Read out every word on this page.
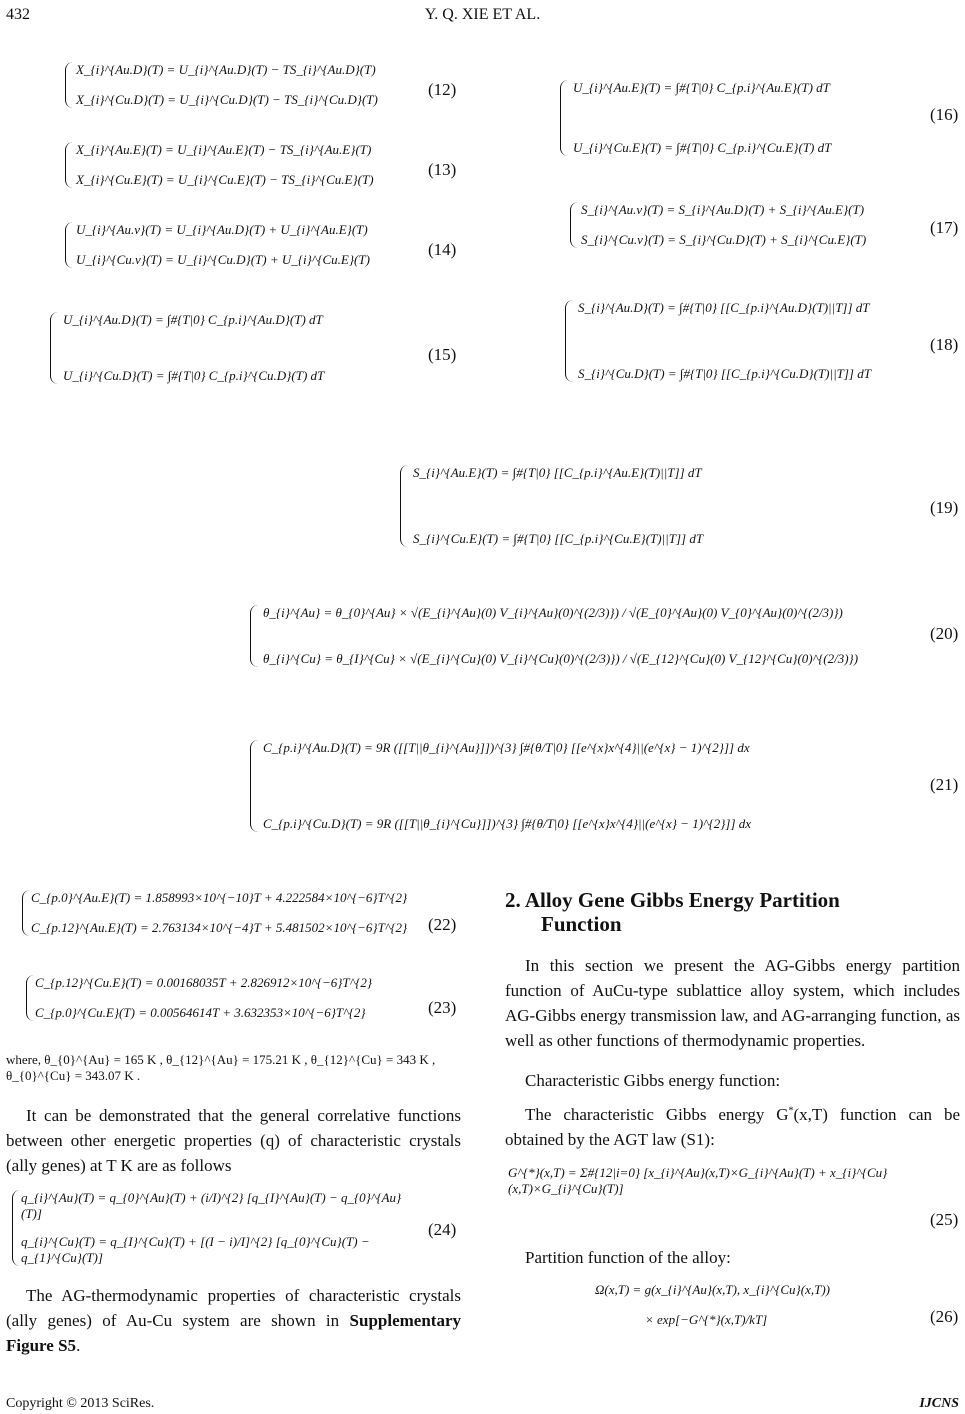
432	Y. Q. XIE ET AL.
X_{i}^{Au.D}(T) = U_{i}^{Au.D}(T) − TS_{i}^{Au.D}(T)
X_{i}^{Cu.D}(T) = U_{i}^{Cu.D}(T) − TS_{i}^{Cu.D}(T)
(12)
X_{i}^{Au.E}(T) = U_{i}^{Au.E}(T) − TS_{i}^{Au.E}(T)
X_{i}^{Cu.E}(T) = U_{i}^{Cu.E}(T) − TS_{i}^{Cu.E}(T)
(13)
U_{i}^{Au.v}(T) = U_{i}^{Au.D}(T) + U_{i}^{Au.E}(T)
U_{i}^{Cu.v}(T) = U_{i}^{Cu.D}(T) + U_{i}^{Cu.E}(T)
(14)
U_{i}^{Au.D}(T) = ∫#{T|0} C_{p.i}^{Au.D}(T) dT
U_{i}^{Cu.D}(T) = ∫#{T|0} C_{p.i}^{Cu.D}(T) dT
(15)
U_{i}^{Au.E}(T) = ∫#{T|0} C_{p.i}^{Au.E}(T) dT
U_{i}^{Cu.E}(T) = ∫#{T|0} C_{p.i}^{Cu.E}(T) dT
(16)
S_{i}^{Au.v}(T) = S_{i}^{Au.D}(T) + S_{i}^{Au.E}(T)
S_{i}^{Cu.v}(T) = S_{i}^{Cu.D}(T) + S_{i}^{Cu.E}(T)
(17)
S_{i}^{Au.D}(T) = ∫#{T|0} [[C_{p.i}^{Au.D}(T)||T]] dT
S_{i}^{Cu.D}(T) = ∫#{T|0} [[C_{p.i}^{Cu.D}(T)||T]] dT
(18)
S_{i}^{Au.E}(T) = ∫#{T|0} [[C_{p.i}^{Au.E}(T)||T]] dT
S_{i}^{Cu.E}(T) = ∫#{T|0} [[C_{p.i}^{Cu.E}(T)||T]] dT
(19)
θ_{i}^{Au} = θ_{0}^{Au} × √(E_{i}^{Au}(0) V_{i}^{Au}(0)^{(2/3)}) / √(E_{0}^{Au}(0) V_{0}^{Au}(0)^{(2/3)})
θ_{i}^{Cu} = θ_{I}^{Cu} × √(E_{i}^{Cu}(0) V_{i}^{Cu}(0)^{(2/3)}) / √(E_{12}^{Cu}(0) V_{12}^{Cu}(0)^{(2/3)})
(20)
C_{p.i}^{Au.D}(T) = 9R ([[T||θ_{i}^{Au}]])^{3} ∫#{θ/T|0} [[e^{x}x^{4}||(e^{x} − 1)^{2}]] dx
C_{p.i}^{Cu.D}(T) = 9R ([[T||θ_{i}^{Cu}]])^{3} ∫#{θ/T|0} [[e^{x}x^{4}||(e^{x} − 1)^{2}]] dx
(21)
C_{p.0}^{Au.E}(T) = 1.858993×10^{−10}T + 4.222584×10^{−6}T^{2}
C_{p.12}^{Au.E}(T) = 2.763134×10^{−4}T + 5.481502×10^{−6}T^{2}	(22)
C_{p.12}^{Cu.E}(T) = 0.00168035T + 2.826912×10^{−6}T^{2}
C_{p.0}^{Cu.E}(T) = 0.00564614T + 3.632353×10^{−6}T^{2}	(23)
where, θ_{0}^{Au} = 165 K , θ_{12}^{Au} = 175.21 K , θ_{12}^{Cu} = 343 K ,
θ_{0}^{Cu} = 343.07 K .
It can be demonstrated that the general correlative functions between other energetic properties (q) of characteristic crystals (ally genes) at T K are as follows
q_{i}^{Au}(T) = q_{0}^{Au}(T) + (i/I)^{2} [q_{I}^{Au}(T) − q_{0}^{Au}(T)]
q_{i}^{Cu}(T) = q_{I}^{Cu}(T) + [(I − i)/I]^{2} [q_{0}^{Cu}(T) − q_{1}^{Cu}(T)]
(24)
The AG-thermodynamic properties of characteristic crystals (ally genes) of Au-Cu system are shown in Supplementary Figure S5.
2. Alloy Gene Gibbs Energy Partition
Function
In this section we present the AG-Gibbs energy partition function of AuCu-type sublattice alloy system, which includes AG-Gibbs energy transmission law, and AG-arranging function, as well as other functions of thermodynamic properties.
Characteristic Gibbs energy function:
The characteristic Gibbs energy G*(x,T) function can be obtained by the AGT law (S1):
G^{*}(x,T) = Σ#{12|i=0} [x_{i}^{Au}(x,T)×G_{i}^{Au}(T) + x_{i}^{Cu}(x,T)×G_{i}^{Cu}(T)]
(25)
Partition function of the alloy:
Ω(x,T) = g(x_{i}^{Au}(x,T), x_{i}^{Cu}(x,T))
× exp[−G^{*}(x,T)/kT]	(26)
Copyright © 2013 SciRes.	IJCNS
